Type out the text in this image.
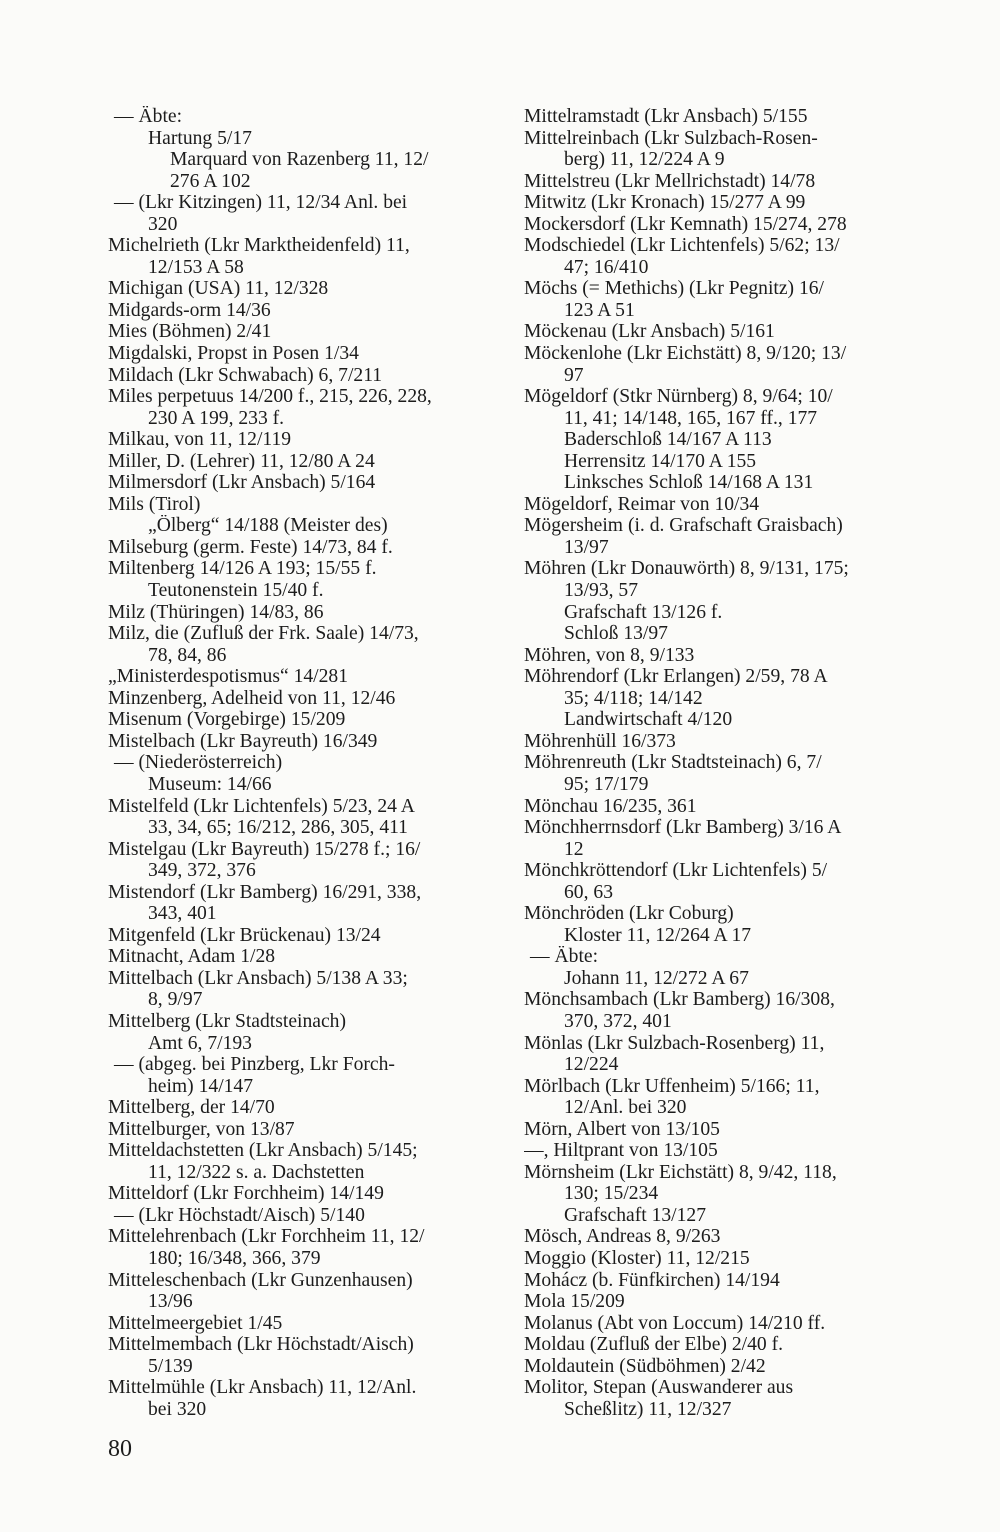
— Äbte:
Hartung 5/17
Marquard von Razenberg 11, 12/
276 A 102
— (Lkr Kitzingen) 11, 12/34 Anl. bei
320
Michelrieth (Lkr Marktheidenfeld) 11,
12/153 A 58
Michigan (USA) 11, 12/328
Midgards-orm 14/36
Mies (Böhmen) 2/41
Migdalski, Propst in Posen 1/34
Mildach (Lkr Schwabach) 6, 7/211
Miles perpetuus 14/200 f., 215, 226, 228,
230 A 199, 233 f.
Milkau, von 11, 12/119
Miller, D. (Lehrer) 11, 12/80 A 24
Milmersdorf (Lkr Ansbach) 5/164
Mils (Tirol)
„Ölberg“ 14/188 (Meister des)
Milseburg (germ. Feste) 14/73, 84 f.
Miltenberg 14/126 A 193; 15/55 f.
Teutonenstein 15/40 f.
Milz (Thüringen) 14/83, 86
Milz, die (Zufluß der Frk. Saale) 14/73,
78, 84, 86
„Ministerdespotismus“ 14/281
Minzenberg, Adelheid von 11, 12/46
Misenum (Vorgebirge) 15/209
Mistelbach (Lkr Bayreuth) 16/349
— (Niederösterreich)
Museum: 14/66
Mistelfeld (Lkr Lichtenfels) 5/23, 24 A
33, 34, 65; 16/212, 286, 305, 411
Mistelgau (Lkr Bayreuth) 15/278 f.; 16/
349, 372, 376
Mistendorf (Lkr Bamberg) 16/291, 338,
343, 401
Mitgenfeld (Lkr Brückenau) 13/24
Mitnacht, Adam 1/28
Mittelbach (Lkr Ansbach) 5/138 A 33;
8, 9/97
Mittelberg (Lkr Stadtsteinach)
Amt 6, 7/193
— (abgeg. bei Pinzberg, Lkr Forch-
heim) 14/147
Mittelberg, der 14/70
Mittelburger, von 13/87
Mitteldachstetten (Lkr Ansbach) 5/145;
11, 12/322 s. a. Dachstetten
Mitteldorf (Lkr Forchheim) 14/149
— (Lkr Höchstadt/Aisch) 5/140
Mittelehrenbach (Lkr Forchheim 11, 12/
180; 16/348, 366, 379
Mitteleschenbach (Lkr Gunzenhausen)
13/96
Mittelmeergebiet 1/45
Mittelmembach (Lkr Höchstadt/Aisch)
5/139
Mittelmühle (Lkr Ansbach) 11, 12/Anl.
bei 320
Mittelramstadt (Lkr Ansbach) 5/155
Mittelreinbach (Lkr Sulzbach-Rosen-
berg) 11, 12/224 A 9
Mittelstreu (Lkr Mellrichstadt) 14/78
Mitwitz (Lkr Kronach) 15/277 A 99
Mockersdorf (Lkr Kemnath) 15/274, 278
Modschiedel (Lkr Lichtenfels) 5/62; 13/
47; 16/410
Möchs (= Methichs) (Lkr Pegnitz) 16/
123 A 51
Möckenau (Lkr Ansbach) 5/161
Möckenlohe (Lkr Eichstätt) 8, 9/120; 13/
97
Mögeldorf (Stkr Nürnberg) 8, 9/64; 10/
11, 41; 14/148, 165, 167 ff., 177
Baderschloß 14/167 A 113
Herrensitz 14/170 A 155
Linksches Schloß 14/168 A 131
Mögeldorf, Reimar von 10/34
Mögersheim (i. d. Grafschaft Graisbach)
13/97
Möhren (Lkr Donauwörth) 8, 9/131, 175;
13/93, 57
Grafschaft 13/126 f.
Schloß 13/97
Möhren, von 8, 9/133
Möhrendorf (Lkr Erlangen) 2/59, 78 A
35; 4/118; 14/142
Landwirtschaft 4/120
Möhrenhüll 16/373
Möhrenreuth (Lkr Stadtsteinach) 6, 7/
95; 17/179
Mönchau 16/235, 361
Mönchherrnsdorf (Lkr Bamberg) 3/16 A
12
Mönchkröttendorf (Lkr Lichtenfels) 5/
60, 63
Mönchröden (Lkr Coburg)
Kloster 11, 12/264 A 17
— Äbte:
Johann 11, 12/272 A 67
Mönchsambach (Lkr Bamberg) 16/308,
370, 372, 401
Mönlas (Lkr Sulzbach-Rosenberg) 11,
12/224
Mörlbach (Lkr Uffenheim) 5/166; 11,
12/Anl. bei 320
Mörn, Albert von 13/105
—, Hiltprant von 13/105
Mörnsheim (Lkr Eichstätt) 8, 9/42, 118,
130; 15/234
Grafschaft 13/127
Mösch, Andreas 8, 9/263
Moggio (Kloster) 11, 12/215
Mohácz (b. Fünfkirchen) 14/194
Mola 15/209
Molanus (Abt von Loccum) 14/210 ff.
Moldau (Zufluß der Elbe) 2/40 f.
Moldautein (Südböhmen) 2/42
Molitor, Stepan (Auswanderer aus
Scheßlitz) 11, 12/327
80
